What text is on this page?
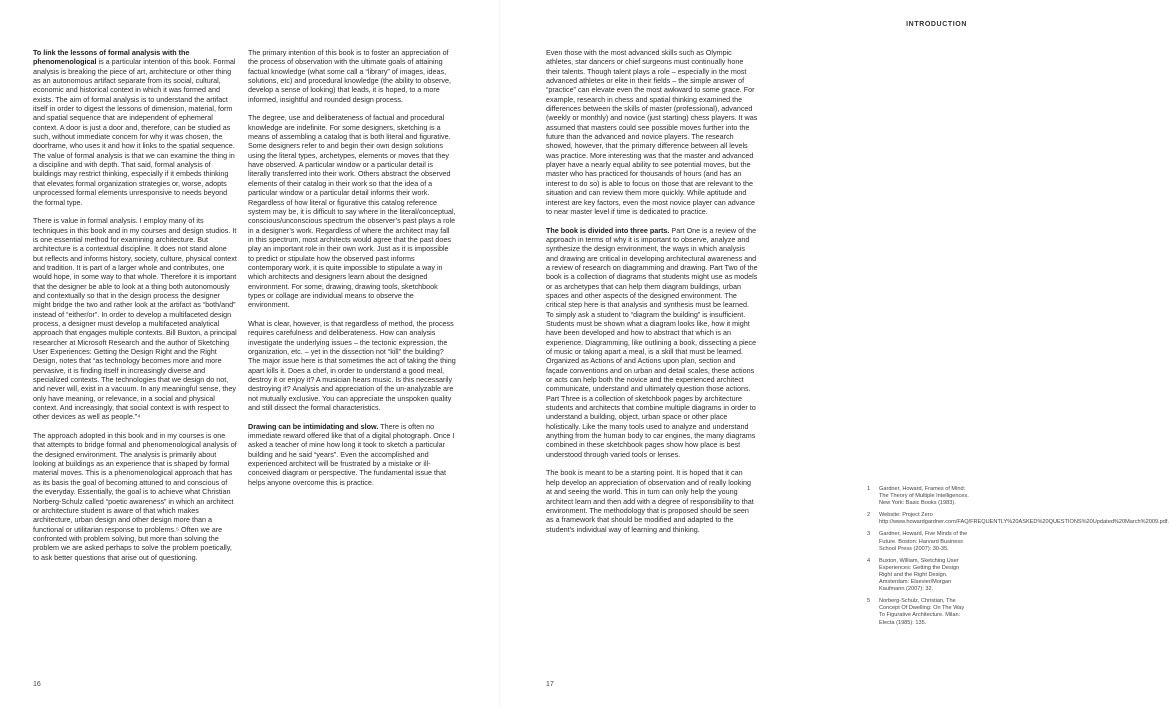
To link the lessons of formal analysis with the phenomenological is a particular intention of this book. Formal analysis is breaking the piece of art, architecture or other thing as an autonomous artifact separate from its social, cultural, economic and historical context in which it was formed and exists. The aim of formal analysis is to understand the artifact itself in order to digest the lessons of dimension, material, form and spatial sequence that are independent of ephemeral context. A door is just a door and, therefore, can be studied as such, without immediate concern for why it was chosen, the doorframe, who uses it and how it links to the spatial sequence. The value of formal analysis is that we can examine the thing in a discipline and with depth. That said, formal analysis of buildings may restrict thinking, especially if it embeds thinking that elevates formal organization strategies or, worse, adopts unprocessed formal elements unresponsive to needs beyond the formal type.

There is value in formal analysis. I employ many of its techniques in this book and in my courses and design studios. It is one essential method for examining architecture. But architecture is a contextual discipline. It does not stand alone but reflects and informs history, society, culture, physical context and tradition. It is part of a larger whole and contributes, one would hope, in some way to that whole. Therefore it is important that the designer be able to look at a thing both autonomously and contextually so that in the design process the designer might bridge the two and rather look at the artifact as “both/and” instead of “either/or”. In order to develop a multifaceted design process, a designer must develop a multifaceted analytical approach that engages multiple contexts. Bill Buxton, a principal researcher at Microsoft Research and the author of Sketching User Experiences: Getting the Design Right and the Right Design, notes that “as technology becomes more and more pervasive, it is finding itself in increasingly diverse and specialized contexts. The technologies that we design do not, and never will, exist in a vacuum. In any meaningful sense, they only have meaning, or relevance, in a social and physical context. And increasingly, that social context is with respect to other devices as well as people.”⁴

The approach adopted in this book and in my courses is one that attempts to bridge formal and phenomenological analysis of the designed environment. The analysis is primarily about looking at buildings as an experience that is shaped by formal material moves. This is a phenomenological approach that has as its basis the goal of becoming attuned to and conscious of the everyday. Essentially, the goal is to achieve what Christian Norberg-Schulz called “poetic awareness” in which an architect or architecture student is aware of that which makes architecture, urban design and other design more than a functional or utilitarian response to problems.⁵ Often we are confronted with problem solving, but more than solving the problem we are asked perhaps to solve the problem poetically, to ask better questions that arise out of questioning.

The primary intention of this book is to foster an appreciation of the process of observation with the ultimate goals of attaining factual knowledge (what some call a “library” of images, ideas, solutions, etc) and procedural knowledge (the ability to observe, develop a sense of looking) that leads, it is hoped, to a more informed, insightful and rounded design process.

The degree, use and deliberateness of factual and procedural knowledge are indefinite. For some designers, sketching is a means of assembling a catalog that is both literal and figurative. Some designers refer to and begin their own design solutions using the literal types, archetypes, elements or moves that they have observed. A particular window or a particular detail is literally transferred into their work. Others abstract the observed elements of their catalog in their work so that the idea of a particular window or a particular detail informs their work. Regardless of how literal or figurative this catalog reference system may be, it is difficult to say where in the literal/conceptual, conscious/unconscious spectrum the observer’s past plays a role in a designer’s work. Regardless of where the architect may fall in this spectrum, most architects would agree that the past does play an important role in their own work. Just as it is impossible to predict or stipulate how the observed past informs contemporary work, it is quite impossible to stipulate a way in which architects and designers learn about the designed environment. For some, drawing, drawing tools, sketchbook types or collage are individual means to observe the environment.

What is clear, however, is that regardless of method, the process requires carefulness and deliberateness. How can analysis investigate the underlying issues – the tectonic expression, the organization, etc. – yet in the dissection not “kill” the building? The major issue here is that sometimes the act of taking the thing apart kills it. Does a chef, in order to understand a good meal, destroy it or enjoy it? A musician hears music. Is this necessarily destroying it? Analysis and appreciation of the un-analyzable are not mutually exclusive. You can appreciate the unspoken quality and still dissect the formal characteristics.

Drawing can be intimidating and slow. There is often no immediate reward offered like that of a digital photograph. Once I asked a teacher of mine how long it took to sketch a particular building and he said “years”. Even the accomplished and experienced architect will be frustrated by a mistake or ill-conceived diagram or perspective. The fundamental issue that helps anyone overcome this is practice.

16
INTRODUCTION

Even those with the most advanced skills such as Olympic athletes, star dancers or chief surgeons must continually hone their talents. Though talent plays a role – especially in the most advanced athletes or elite in their fields – the simple answer of “practice” can elevate even the most awkward to some grace. For example, research in chess and spatial thinking examined the differences between the skills of master (professional), advanced (weekly or monthly) and novice (just starting) chess players. It was assumed that masters could see possible moves further into the future than the advanced and novice players. The research showed, however, that the primary difference between all levels was practice. More interesting was that the master and advanced player have a nearly equal ability to see potential moves, but the master who has practiced for thousands of hours (and has an interest to do so) is able to focus on those that are relevant to the situation and can review them more quickly. While aptitude and interest are key factors, even the most novice player can advance to near master level if time is dedicated to practice.

The book is divided into three parts. Part One is a review of the approach in terms of why it is important to observe, analyze and synthesize the design environment, the ways in which analysis and drawing are critical in developing architectural awareness and a review of research on diagramming and drawing. Part Two of the book is a collection of diagrams that students might use as models or as archetypes that can help them diagram buildings, urban spaces and other aspects of the designed environment. The critical step here is that analysis and synthesis must be learned. To simply ask a student to “diagram the building” is insufficient. Students must be shown what a diagram looks like, how it might have been developed and how to abstract that which is an experience. Diagramming, like outlining a book, dissecting a piece of music or taking apart a meal, is a skill that must be learned. Organized as Actions of and Actions upon plan, section and façade conventions and on urban and detail scales, these actions or acts can help both the novice and the experienced architect communicate, understand and ultimately question those actions. Part Three is a collection of sketchbook pages by architecture students and architects that combine multiple diagrams in order to understand a building, object, urban space or other place holistically. Like the many tools used to analyze and understand anything from the human body to car engines, the many diagrams combined in these sketchbook pages show how place is best understood through varied tools or lenses.

The book is meant to be a starting point. It is hoped that it can help develop an appreciation of observation and of really looking at and seeing the world. This in turn can only help the young architect learn and then add with a degree of responsibility to that environment. The methodology that is proposed should be seen as a framework that should be modified and adapted to the student’s individual way of learning and thinking.

1	Gardner, Howard, Frames of Mind: The Theory of Multiple Intelligences. New York: Basic Books (1983).
2	Website: Project Zero http://www.howardgardner.com/FAQ/FREQUENTLY%20ASKED%20QUESTIONS%20Updated%20March%2009.pdf.
3	Gardner, Howard, Five Minds of the Future. Boston: Harvard Business School Press (2007): 30-35.
4	Buxton, William, Sketching User Experiences: Getting the Design Right and the Right Design. Amsterdam: Elsevier/Morgan Kaufmann (2007): 32.
5	Norberg-Schulz, Christian, The Concept Of Dwelling: On The Way To Figurative Architecture. Milan: Electa (1985): 135.
17
